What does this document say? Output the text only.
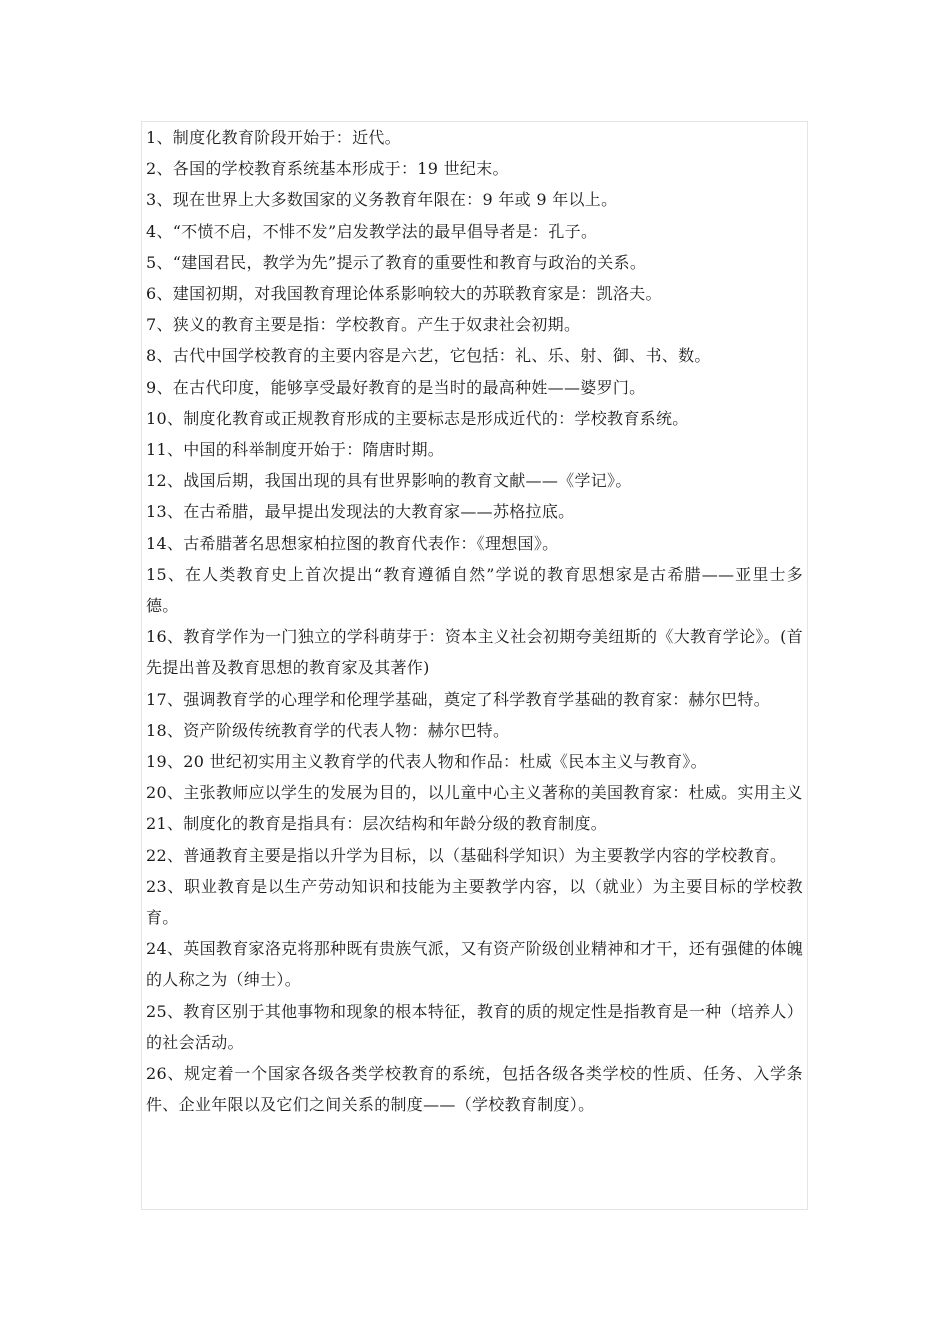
1、制度化教育阶段开始于：近代。

2、各国的学校教育系统基本形成于：19 世纪末。

3、现在世界上大多数国家的义务教育年限在：9 年或 9 年以上。

4、“不愤不启，不悱不发”启发教学法的最早倡导者是：孔子。

5、“建国君民，教学为先”提示了教育的重要性和教育与政治的关系。

6、建国初期，对我国教育理论体系影响较大的苏联教育家是：凯洛夫。

7、狭义的教育主要是指：学校教育。产生于奴隶社会初期。

8、古代中国学校教育的主要内容是六艺，它包括：礼、乐、射、御、书、数。

9、在古代印度，能够享受最好教育的是当时的最高种姓——婆罗门。

10、制度化教育或正规教育形成的主要标志是形成近代的：学校教育系统。

11、中国的科举制度开始于：隋唐时期。

12、战国后期，我国出现的具有世界影响的教育文献——《学记》。

13、在古希腊，最早提出发现法的大教育家——苏格拉底。

14、古希腊著名思想家柏拉图的教育代表作：《理想国》。

15、在人类教育史上首次提出“教育遵循自然”学说的教育思想家是古希腊——亚里士多德。

16、教育学作为一门独立的学科萌芽于：资本主义社会初期夸美纽斯的《大教育学论》。(首先提出普及教育思想的教育家及其著作)

17、强调教育学的心理学和伦理学基础，奠定了科学教育学基础的教育家：赫尔巴特。

18、资产阶级传统教育学的代表人物：赫尔巴特。

19、20 世纪初实用主义教育学的代表人物和作品：杜威《民本主义与教育》。

20、主张教师应以学生的发展为目的，以儿童中心主义著称的美国教育家：杜威。实用主义

21、制度化的教育是指具有：层次结构和年龄分级的教育制度。

22、普通教育主要是指以升学为目标，以（基础科学知识）为主要教学内容的学校教育。

23、职业教育是以生产劳动知识和技能为主要教学内容，以（就业）为主要目标的学校教育。

24、英国教育家洛克将那种既有贵族气派，又有资产阶级创业精神和才干，还有强健的体魄的人称之为（绅士）。

25、教育区别于其他事物和现象的根本特征，教育的质的规定性是指教育是一种（培养人）的社会活动。

26、规定着一个国家各级各类学校教育的系统，包括各级各类学校的性质、任务、入学条件、企业年限以及它们之间关系的制度——（学校教育制度）。
